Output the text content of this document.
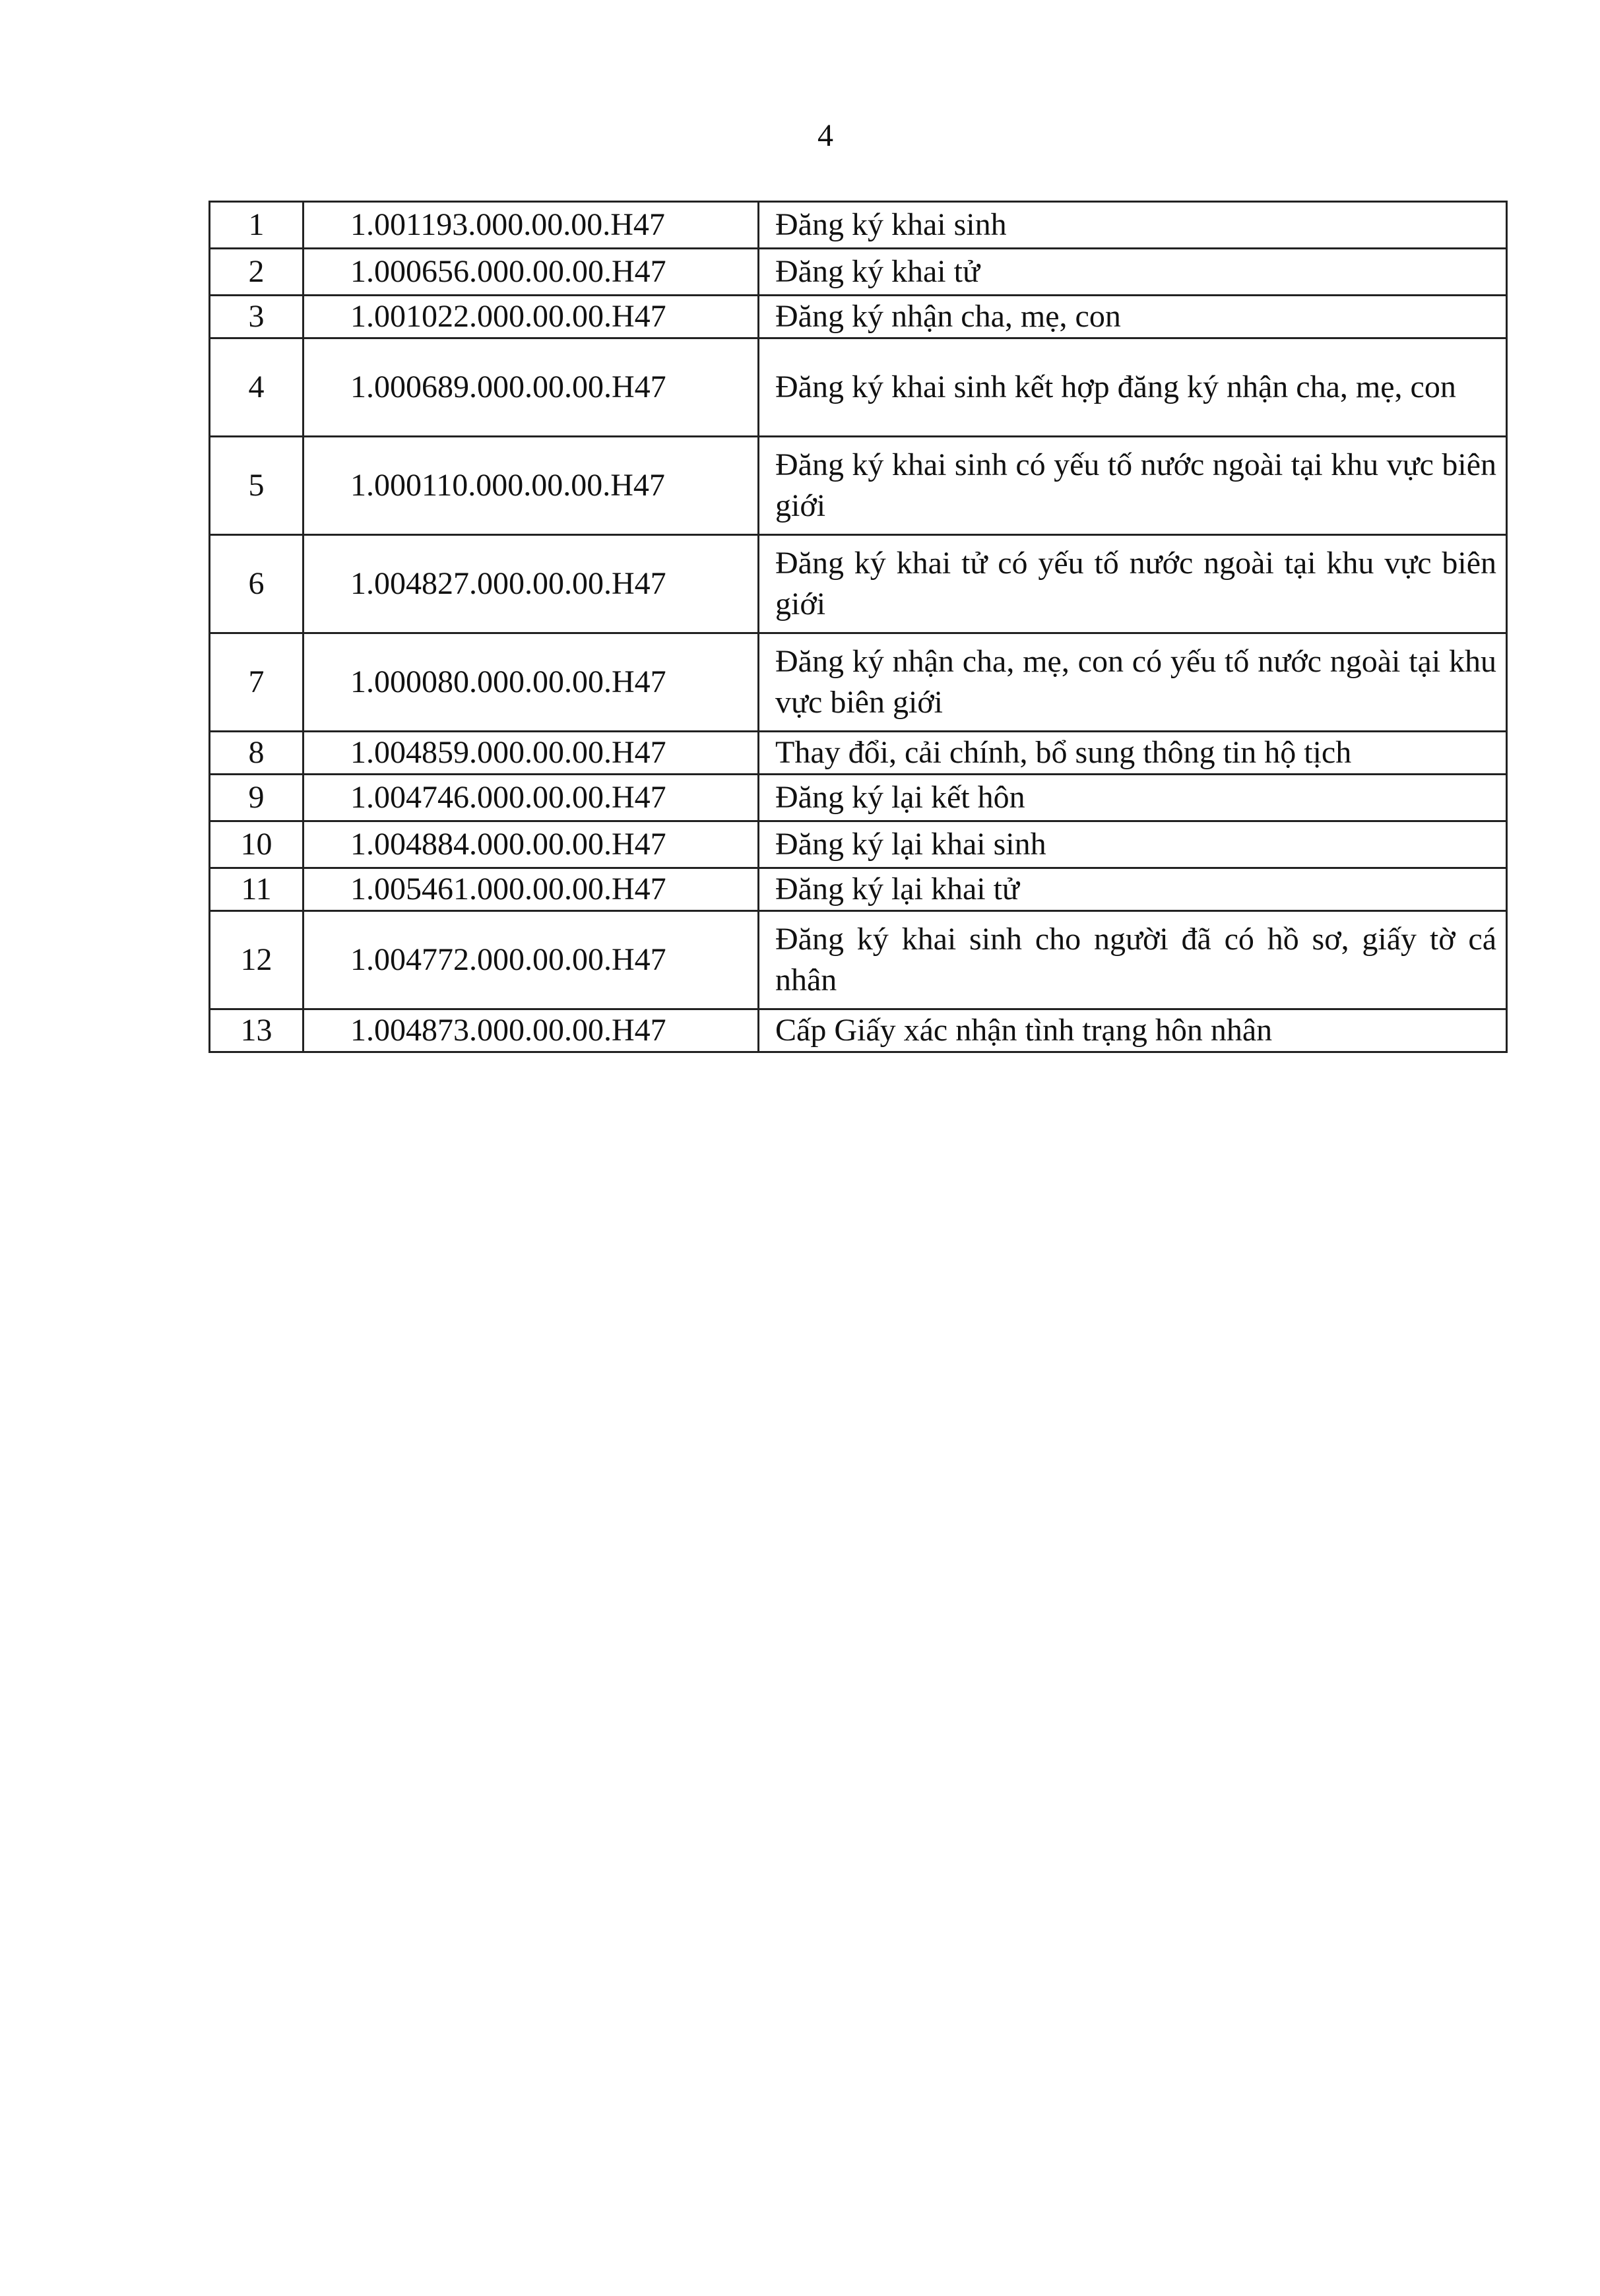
4
1	1.001193.000.00.00.H47	Đăng ký khai sinh
2	1.000656.000.00.00.H47	Đăng ký khai tử
3	1.001022.000.00.00.H47	Đăng ký nhận cha, mẹ, con
4	1.000689.000.00.00.H47	Đăng ký khai sinh kết hợp đăng ký nhận cha, mẹ, con
5	1.000110.000.00.00.H47	Đăng ký khai sinh có yếu tố nước ngoài tại khu vực biên giới
6	1.004827.000.00.00.H47	Đăng ký khai tử có yếu tố nước ngoài tại khu vực biên giới
7	1.000080.000.00.00.H47	Đăng ký nhận cha, mẹ, con có yếu tố nước ngoài tại khu vực biên giới
8	1.004859.000.00.00.H47	Thay đổi, cải chính, bổ sung thông tin hộ tịch
9	1.004746.000.00.00.H47	Đăng ký lại kết hôn
10	1.004884.000.00.00.H47	Đăng ký lại khai sinh
11	1.005461.000.00.00.H47	Đăng ký lại khai tử
12	1.004772.000.00.00.H47	Đăng ký khai sinh cho người đã có hồ sơ, giấy tờ cá nhân
13	1.004873.000.00.00.H47	Cấp Giấy xác nhận tình trạng hôn nhân
